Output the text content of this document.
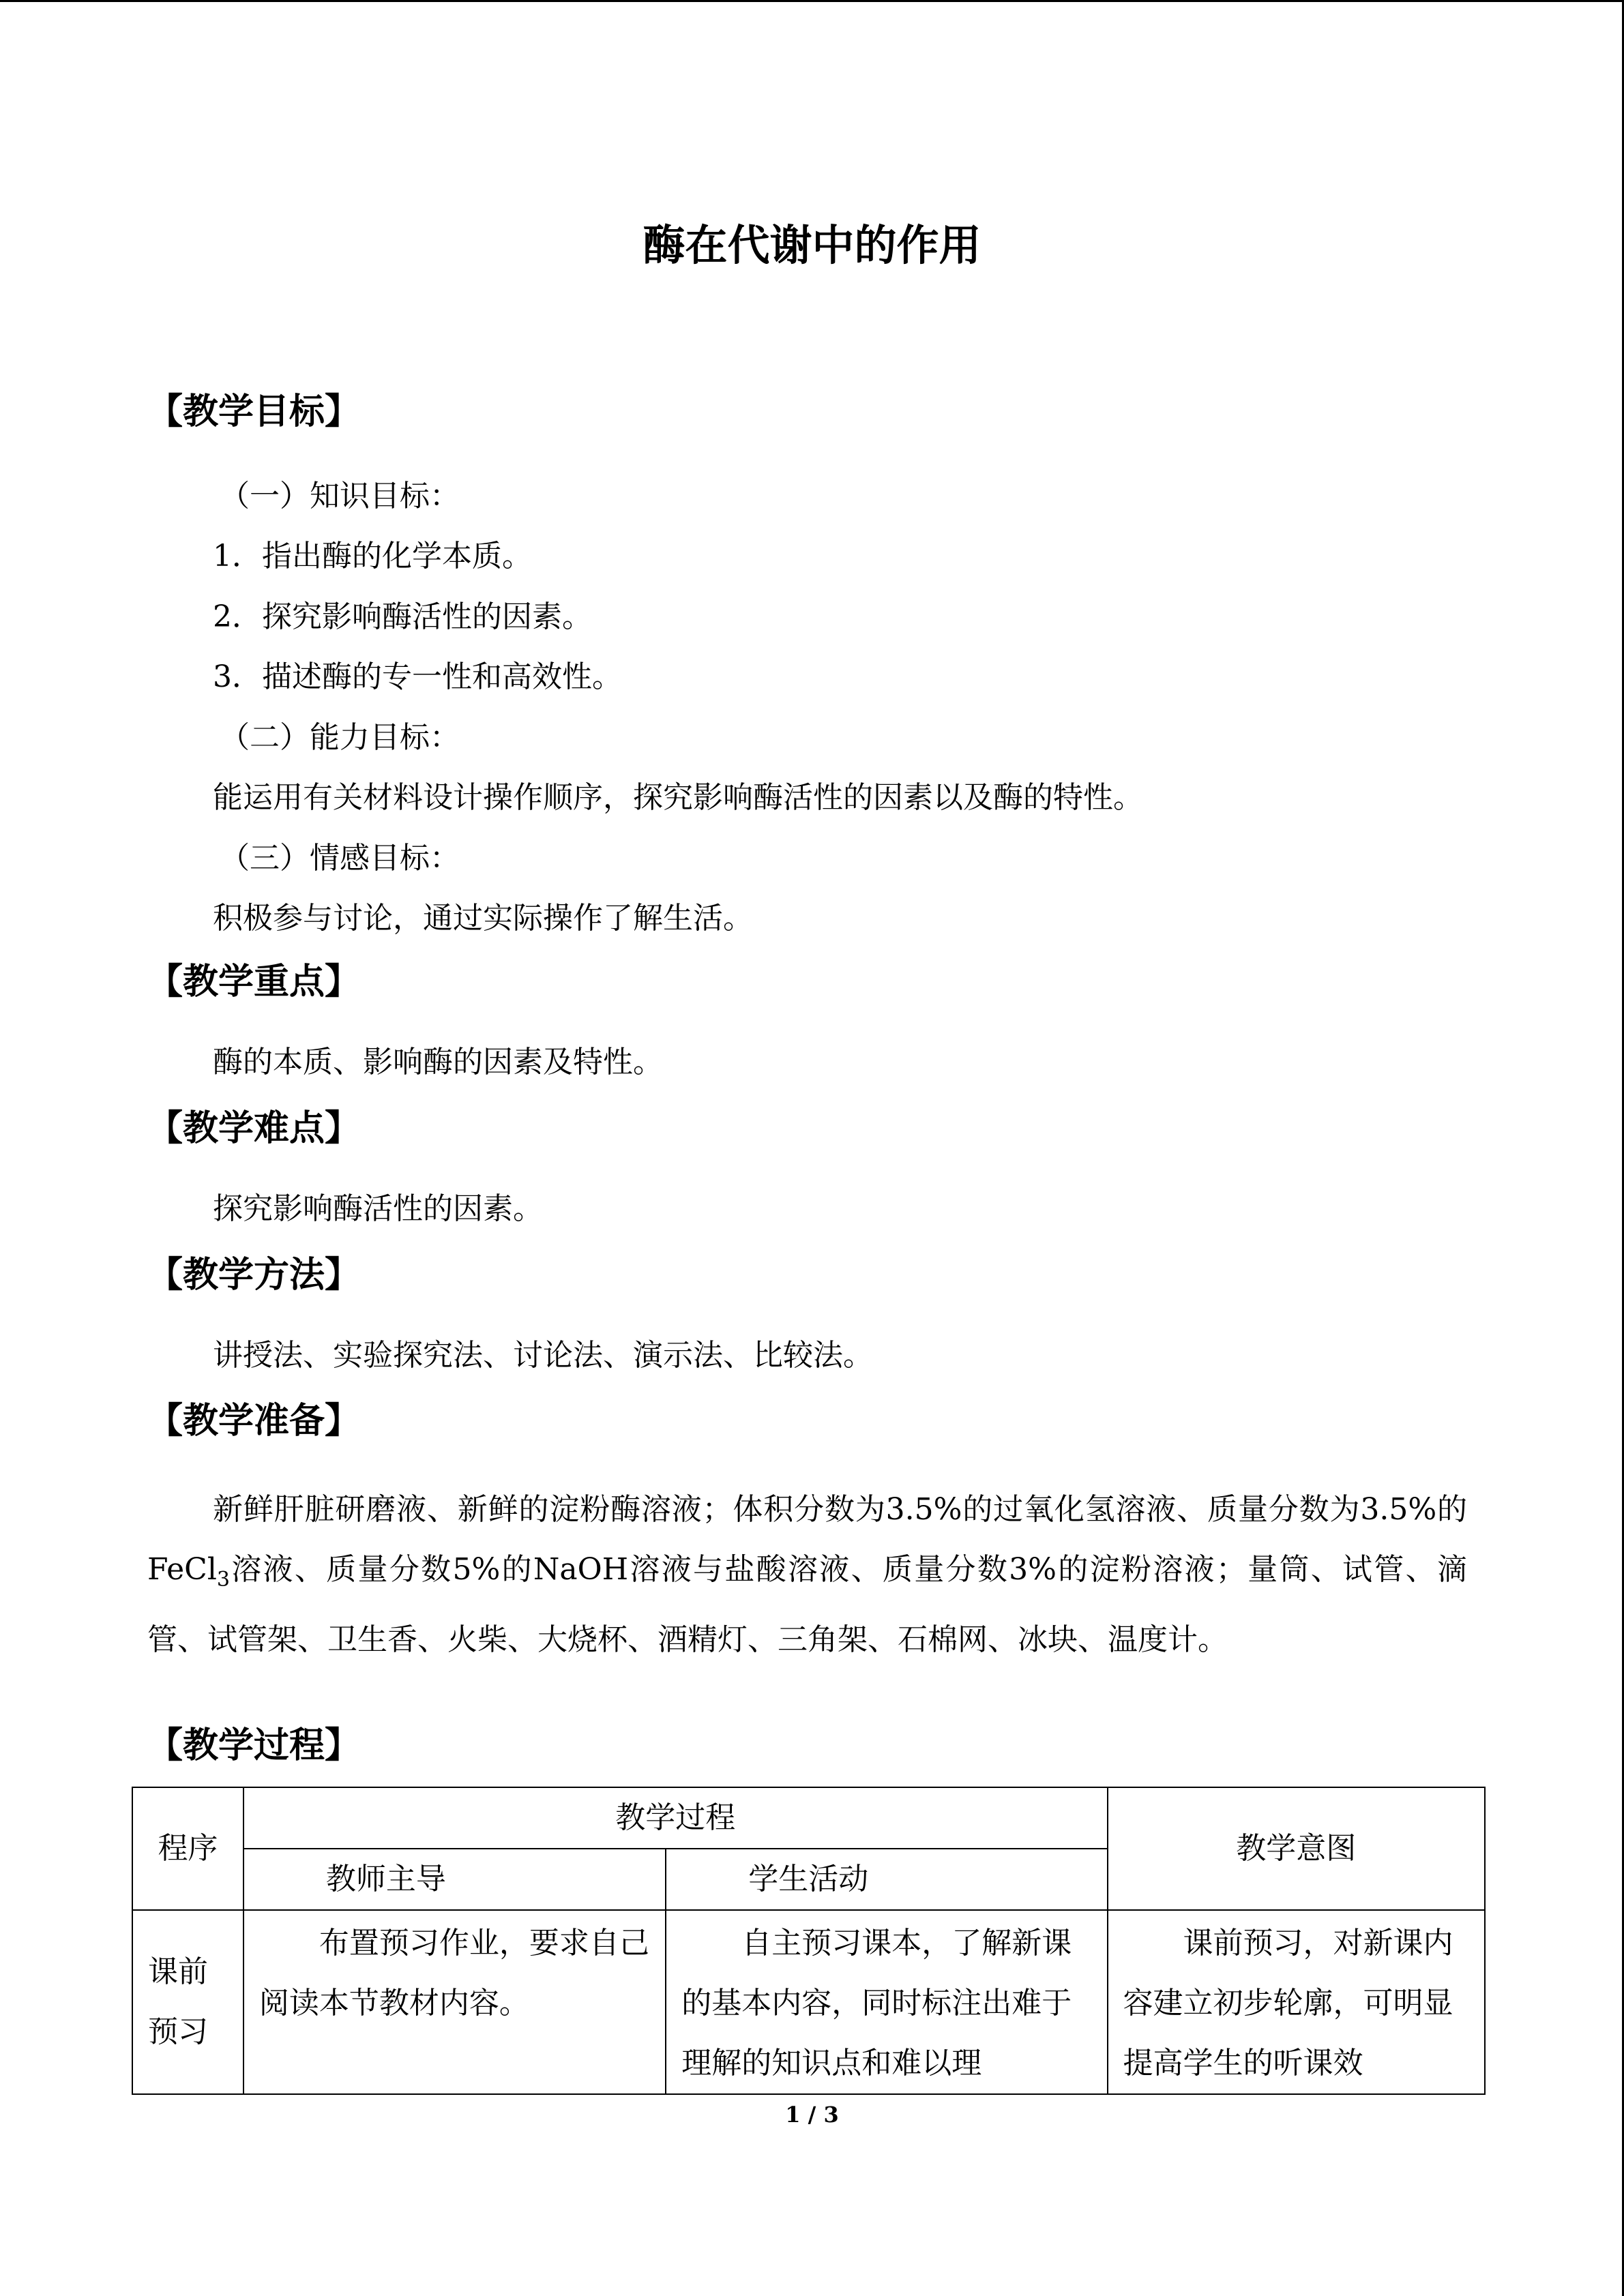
酶在代谢中的作用
【教学目标】
（一）知识目标：
1．指出酶的化学本质。
2．探究影响酶活性的因素。
3．描述酶的专一性和高效性。
（二）能力目标：
能运用有关材料设计操作顺序，探究影响酶活性的因素以及酶的特性。
（三）情感目标：
积极参与讨论，通过实际操作了解生活。
【教学重点】
酶的本质、影响酶的因素及特性。
【教学难点】
探究影响酶活性的因素。
【教学方法】
讲授法、实验探究法、讨论法、演示法、比较法。
【教学准备】

新鲜肝脏研磨液、新鲜的淀粉酶溶液；体积分数为3.5%的过氧化氢溶液、质量分数为3.5%的FeCl$_3$溶液、质量分数5%的NaOH溶液与盐酸溶液、质量分数3%的淀粉溶液；量筒、试管、滴管、试管架、卫生香、火柴、大烧杯、酒精灯、三角架、石棉网、冰块、温度计。

【教学过程】
程序	教学过程		教学意图
	教师主导	学生活动	
课前预习	布置预习作业，要求自己阅读本节教材内容。	自主预习课本，了解新课的基本内容，同时标注出难于理解的知识点和难以理	课前预习，对新课内容建立初步轮廓，可明显提高学生的听课效
1 / 3
